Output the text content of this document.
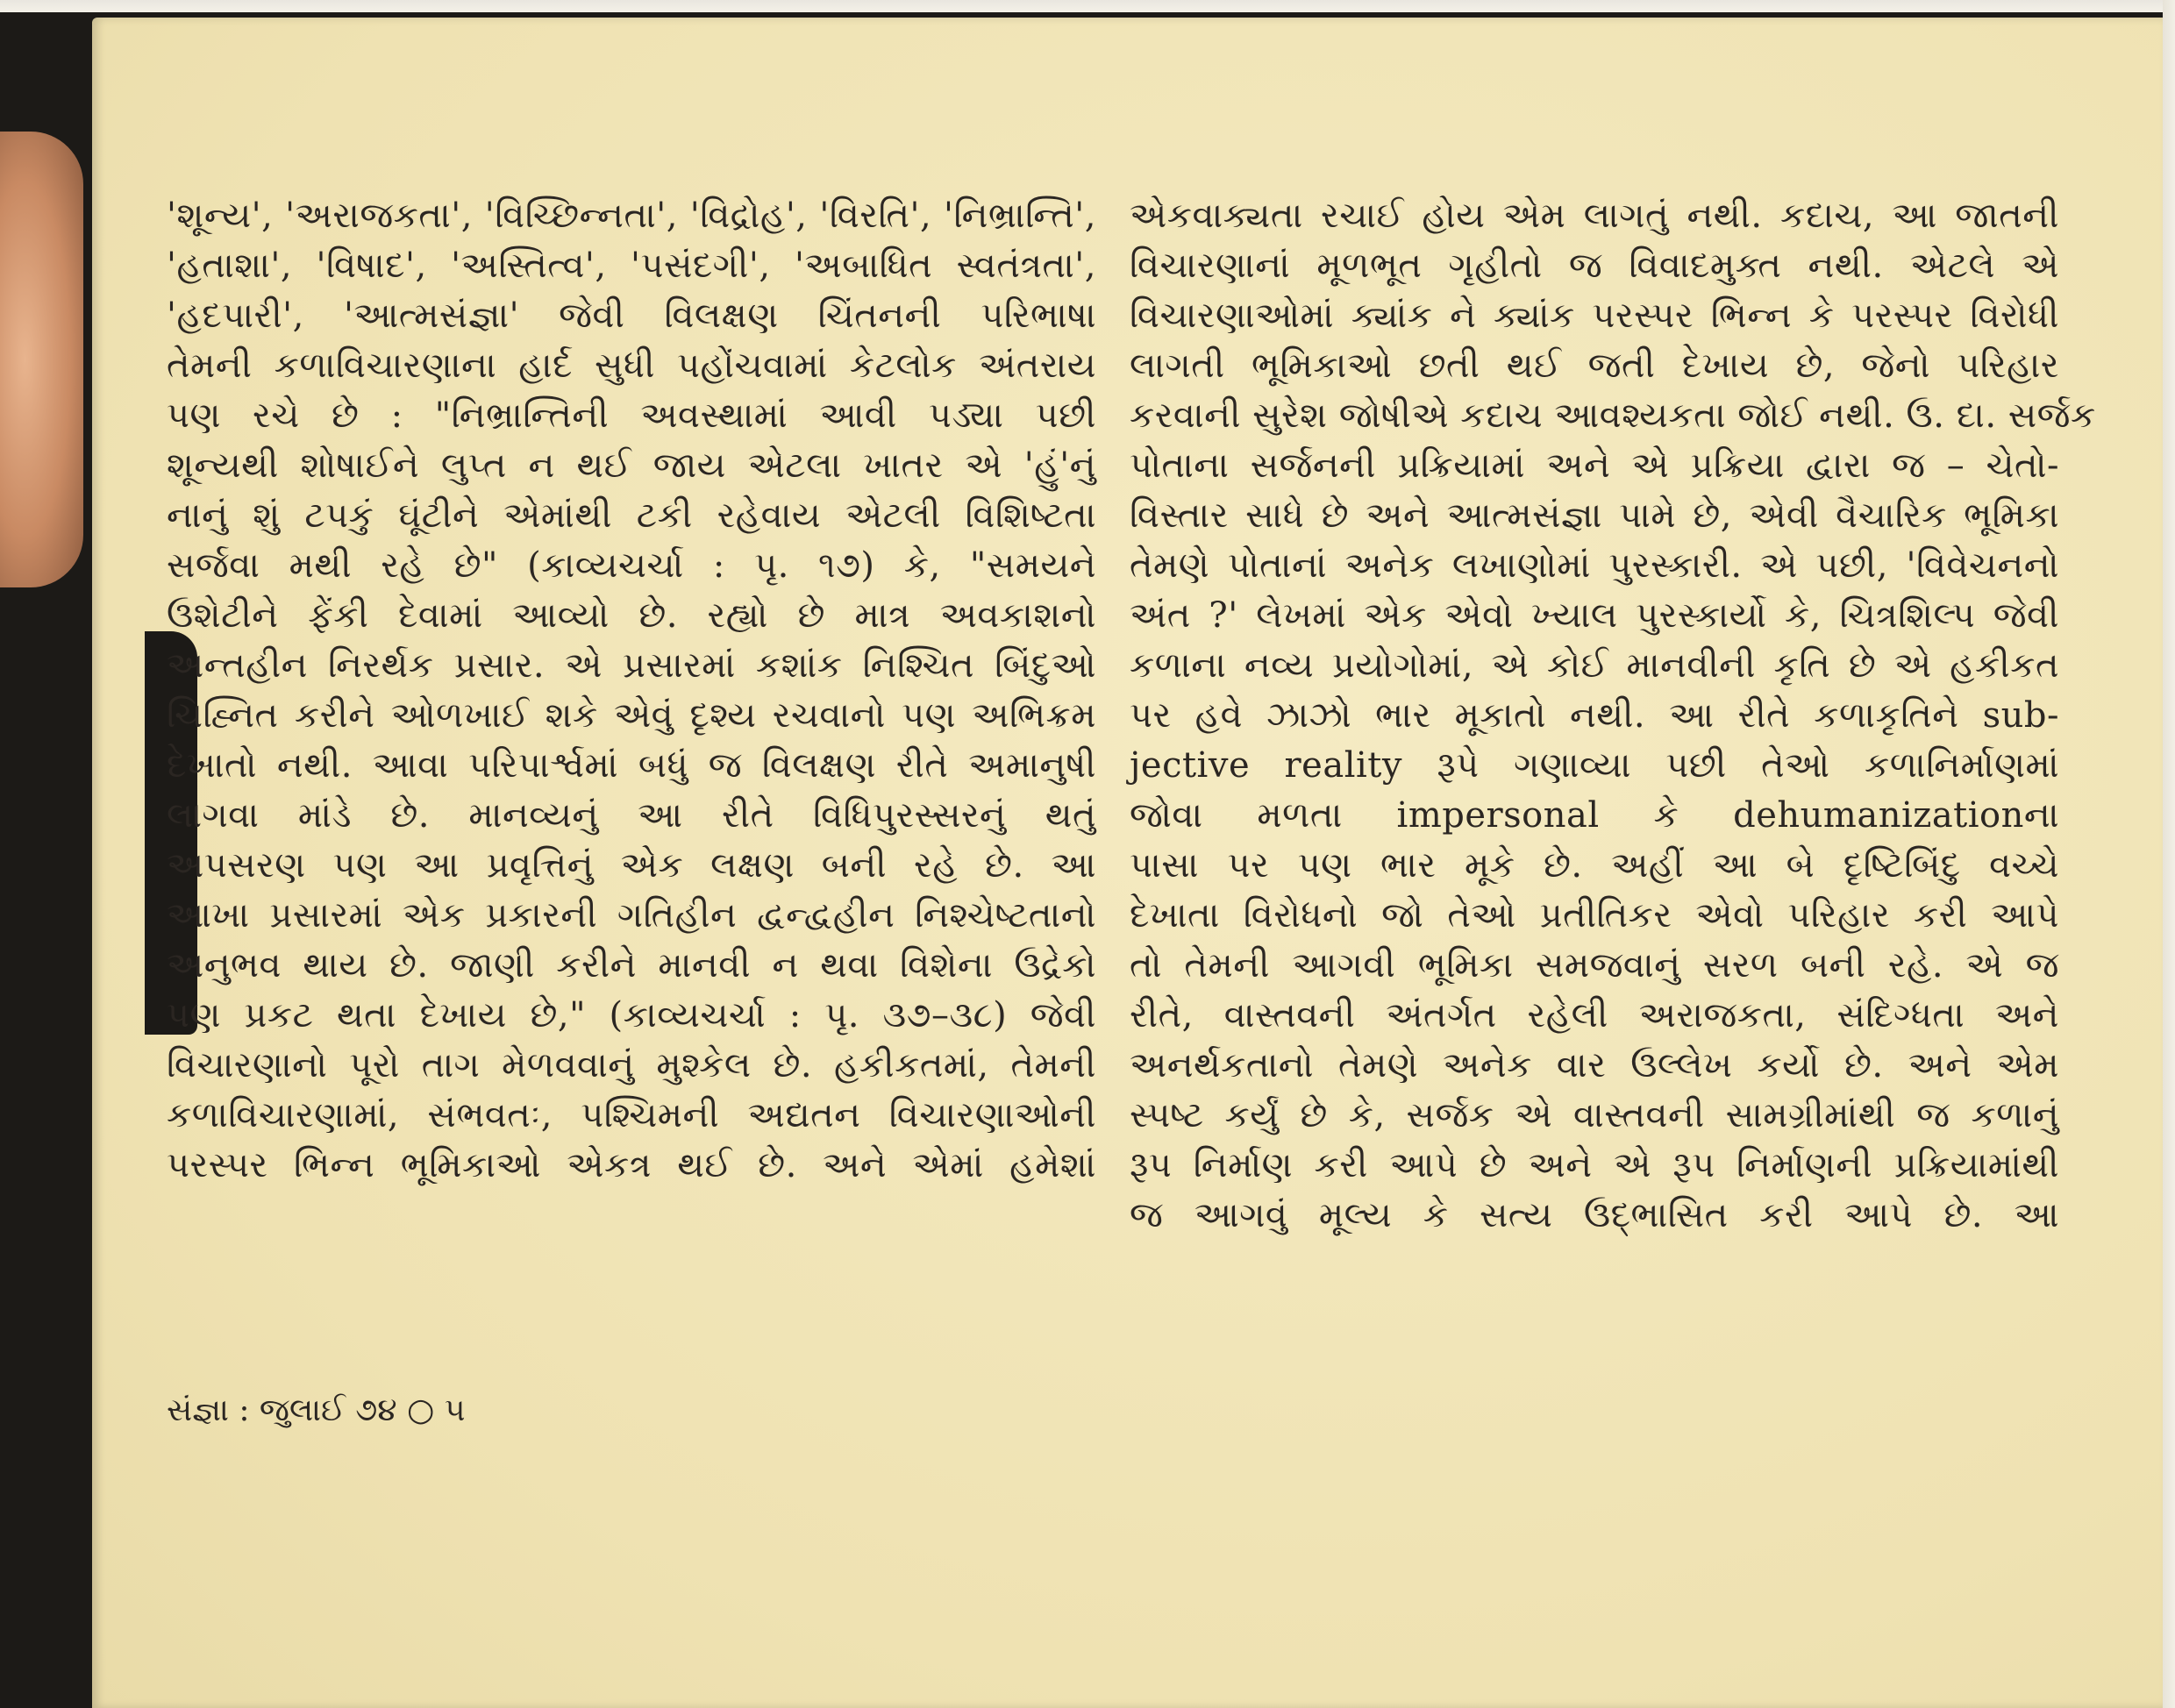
'શૂન્ય', 'અરાજકતા', 'વિચ્છિન્નતા', 'વિદ્રોહ', 'વિરતિ', 'નિભ્રાન્તિ',
'હતાશા', 'વિષાદ', 'અસ્તિત્વ', 'પસંદગી', 'અબાધિત સ્વતંત્રતા',
'હદપારી', 'આત્મસંજ્ઞા' જેવી વિલક્ષણ ચિંતનની પરિભાષા
તેમની કળાવિચારણાના હાર્દ સુધી પહોંચવામાં કેટલોક અંતરાય
પણ રચે છે : "નિભ્રાન્તિની અવસ્થામાં આવી પડ્યા પછી
શૂન્યથી શોષાઈને લુપ્ત ન થઈ જાય એટલા ખાતર એ 'હું'નું
નાનું શું ટપકું ઘૂંટીને એમાંથી ટકી રહેવાય એટલી વિશિષ્ટતા
સર્જવા મથી રહે છે" (કાવ્યચર્ચા : પૃ. ૧૭) કે, "સમયને
ઉશેટીને ફેંકી દેવામાં આવ્યો છે. રહ્યો છે માત્ર અવકાશનો
અન્તહીન નિરર્થક પ્રસાર. એ પ્રસારમાં કશાંક નિશ્ચિત બિંદુઓ
ચિહ્નિત કરીને ઓળખાઈ શકે એવું દૃશ્ય રચવાનો પણ અભિક્રમ
દેખાતો નથી. આવા પરિપાર્શ્વમાં બધું જ વિલક્ષણ રીતે અમાનુષી
લાગવા માંડે છે. માનવ્યનું આ રીતે વિધિપુરસ્સરનું થતું
અપસરણ પણ આ પ્રવૃત્તિનું એક લક્ષણ બની રહે છે. આ
આખા પ્રસારમાં એક પ્રકારની ગતિહીન દ્વન્દ્વહીન નિશ્ચેષ્ટતાનો
અનુભવ થાય છે. જાણી કરીને માનવી ન થવા વિશેના ઉદ્રેકો
પણ પ્રકટ થતા દેખાય છે," (કાવ્યચર્ચા : પૃ. ૩૭–૩૮) જેવી
વિચારણાનો પૂરો તાગ મેળવવાનું મુશ્કેલ છે. હકીકતમાં, તેમની
કળાવિચારણામાં, સંભવતઃ, પશ્ચિમની અદ્યતન વિચારણાઓની
પરસ્પર ભિન્ન ભૂમિકાઓ એકત્ર થઈ છે. અને એમાં હમેશાં
એકવાક્યતા રચાઈ હોય એમ લાગતું નથી. કદાચ, આ જાતની
વિચારણાનાં મૂળભૂત ગૃહીતો જ વિવાદમુક્ત નથી. એટલે એ
વિચારણાઓમાં ક્યાંક ને ક્યાંક પરસ્પર ભિન્ન કે પરસ્પર વિરોધી
લાગતી ભૂમિકાઓ છતી થઈ જતી દેખાય છે, જેનો પરિહાર
કરવાની સુરેશ જોષીએ કદાચ આવશ્યકતા જોઈ નથી. ઉ. દા. સર્જક
પોતાના સર્જનની પ્રક્રિયામાં અને એ પ્રક્રિયા દ્વારા જ – ચેતો-
વિસ્તાર સાધે છે અને આત્મસંજ્ઞા પામે છે, એવી વૈચારિક ભૂમિકા
તેમણે પોતાનાં અનેક લખાણોમાં પુરસ્કારી. એ પછી, 'વિવેચનનો
અંત ?' લેખમાં એક એવો ખ્યાલ પુરસ્કાર્યો કે, ચિત્રશિલ્પ જેવી
કળાના નવ્ય પ્રયોગોમાં, એ કોઈ માનવીની કૃતિ છે એ હકીકત
પર હવે ઝાઝો ભાર મૂકાતો નથી. આ રીતે કળાકૃતિને sub-
jective reality રૂપે ગણાવ્યા પછી તેઓ કળાનિર્માણમાં
જોવા મળતા impersonal કે dehumanizationના
પાસા પર પણ ભાર મૂકે છે. અહીં આ બે દૃષ્ટિબિંદુ વચ્ચે
દેખાતા વિરોધનો જો તેઓ પ્રતીતિકર એવો પરિહાર કરી આપે
તો તેમની આગવી ભૂમિકા સમજવાનું સરળ બની રહે. એ જ
રીતે, વાસ્તવની અંતર્ગત રહેલી અરાજકતા, સંદિગ્ધતા અને
અનર્થકતાનો તેમણે અનેક વાર ઉલ્લેખ કર્યો છે. અને એમ
સ્પષ્ટ કર્યું છે કે, સર્જક એ વાસ્તવની સામગ્રીમાંથી જ કળાનું
રૂપ નિર્માણ કરી આપે છે અને એ રૂપ નિર્માણની પ્રક્રિયામાંથી
જ આગવું મૂલ્ય કે સત્ય ઉદ્ભાસિત કરી આપે છે. આ
સંજ્ઞા : જુલાઈ ૭૪ ○ ૫
